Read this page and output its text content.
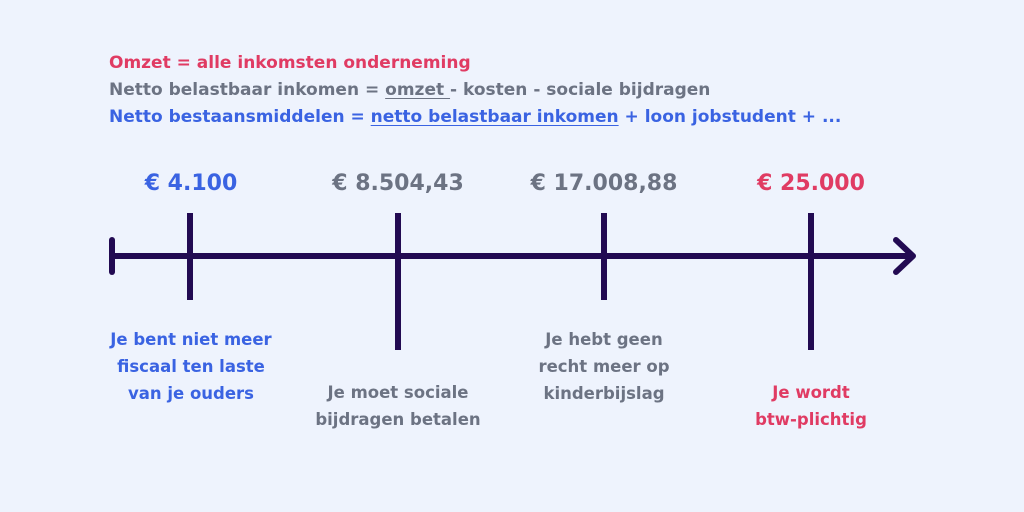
Omzet = alle inkomsten onderneming
Netto belastbaar inkomen = omzet - kosten - sociale bijdragen
Netto bestaansmiddelen = netto belastbaar inkomen + loon jobstudent + ...
€ 4.100	€ 8.504,43	€ 17.008,88	€ 25.000
Je bent niet meer
fiscaal ten laste
van je ouders	Je moet sociale
bijdragen betalen
Je hebt geen
recht meer op
kinderbijslag	Je wordt
btw-plichtig
